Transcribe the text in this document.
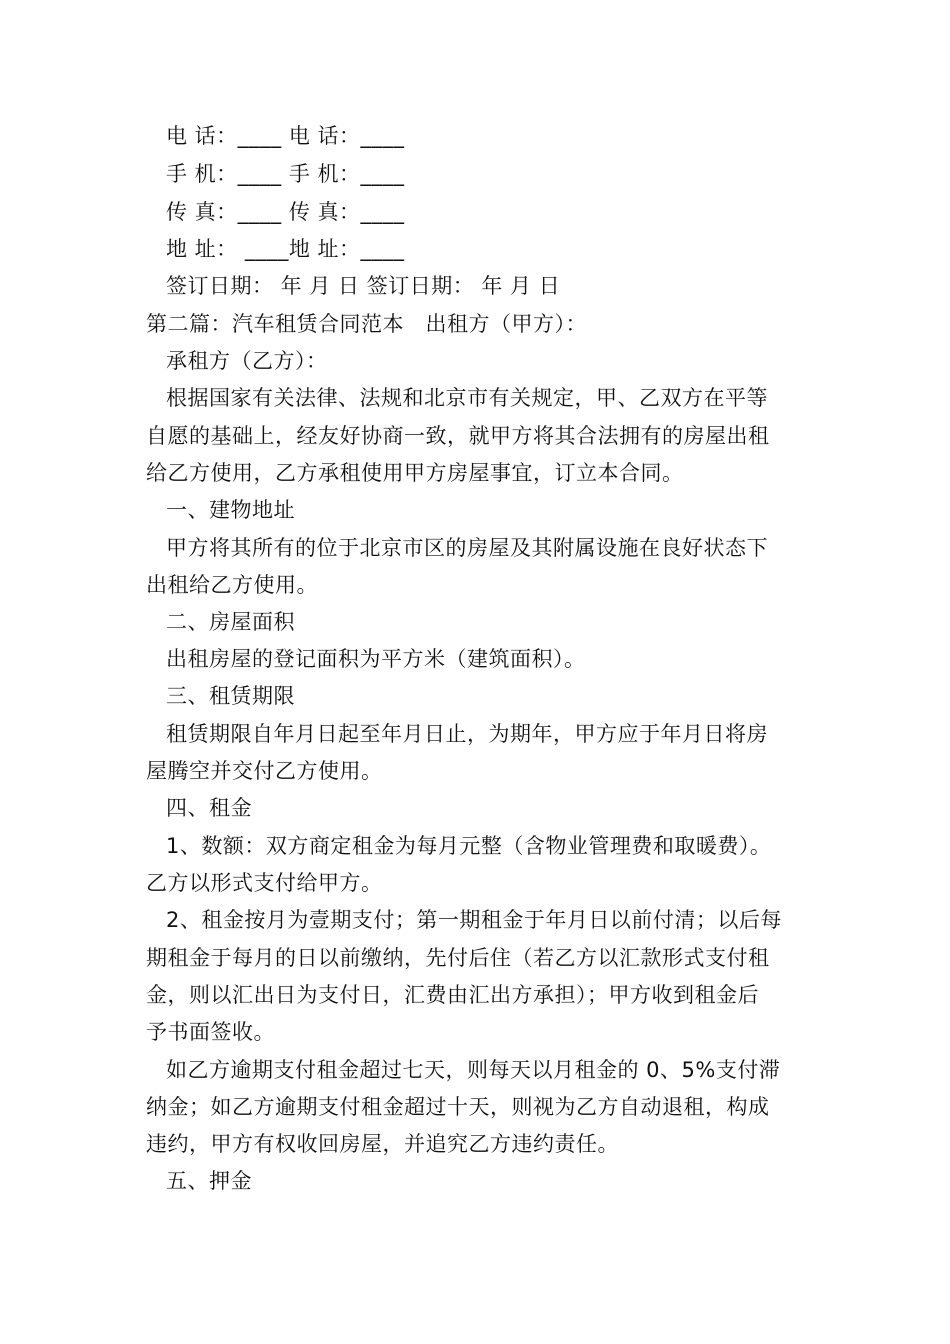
电 话：____ 电 话：____
手 机：____ 手 机：____
传 真：____ 传 真：____
地 址： ____地 址：____
签订日期： 年 月 日 签订日期： 年 月 日
第二篇：汽车租赁合同范本　出租方（甲方）：
承租方（乙方）：
根据国家有关法律、法规和北京市有关规定，甲、乙双方在平等
自愿的基础上，经友好协商一致，就甲方将其合法拥有的房屋出租
给乙方使用，乙方承租使用甲方房屋事宜，订立本合同。
一、建物地址
甲方将其所有的位于北京市区的房屋及其附属设施在良好状态下
出租给乙方使用。
二、房屋面积
出租房屋的登记面积为平方米（建筑面积）。
三、租赁期限
租赁期限自年月日起至年月日止，为期年，甲方应于年月日将房
屋腾空并交付乙方使用。
四、租金
1、数额：双方商定租金为每月元整（含物业管理费和取暖费）。
乙方以形式支付给甲方。
2、租金按月为壹期支付；第一期租金于年月日以前付清；以后每
期租金于每月的日以前缴纳，先付后住（若乙方以汇款形式支付租
金，则以汇出日为支付日，汇费由汇出方承担）；甲方收到租金后
予书面签收。
如乙方逾期支付租金超过七天，则每天以月租金的 0、5%支付滞
纳金；如乙方逾期支付租金超过十天，则视为乙方自动退租，构成
违约，甲方有权收回房屋，并追究乙方违约责任。
五、押金
